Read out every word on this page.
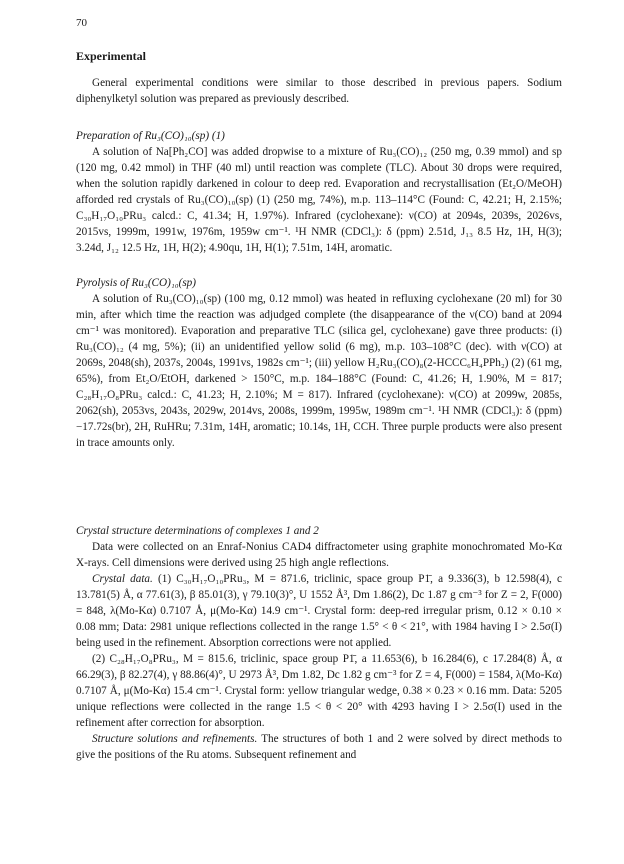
70
Experimental

General experimental conditions were similar to those described in previous papers. Sodium diphenylketyl solution was prepared as previously described.

Preparation of Ru₃(CO)₁₀(sp) (1)

A solution of Na[Ph₂CO] was added dropwise to a mixture of Ru₃(CO)₁₂ (250 mg, 0.39 mmol) and sp (120 mg, 0.42 mmol) in THF (40 ml) until reaction was complete (TLC). About 30 drops were required, when the solution rapidly darkened in colour to deep red. Evaporation and recrystallisation (Et₂O/MeOH) afforded red crystals of Ru₃(CO)₁₀(sp) (1) (250 mg, 74%), m.p. 113–114°C (Found: C, 42.21; H, 2.15%; C₃₀H₁₇O₁₀PRu₃ calcd.: C, 41.34; H, 1.97%). Infrared (cyclohexane): ν(CO) at 2094s, 2039s, 2026vs, 2015vs, 1999m, 1991w, 1976m, 1959w cm⁻¹. ¹H NMR (CDCl₃): δ (ppm) 2.51d, J₁₃ 8.5 Hz, 1H, H(3); 3.24d, J₁₂ 12.5 Hz, 1H, H(2); 4.90qu, 1H, H(1); 7.51m, 14H, aromatic.

Pyrolysis of Ru₃(CO)₁₀(sp)

A solution of Ru₃(CO)₁₀(sp) (100 mg, 0.12 mmol) was heated in refluxing cyclohexane (20 ml) for 30 min, after which time the reaction was adjudged complete (the disappearance of the ν(CO) band at 2094 cm⁻¹ was monitored). Evaporation and preparative TLC (silica gel, cyclohexane) gave three products: (i) Ru₃(CO)₁₂ (4 mg, 5%); (ii) an unidentified yellow solid (6 mg), m.p. 103–108°C (dec). with ν(CO) at 2069s, 2048(sh), 2037s, 2004s, 1991vs, 1982s cm⁻¹; (iii) yellow H₂Ru₃(CO)₈(2-HCCC₆H₄PPh₂) (2) (61 mg, 65%), from Et₂O/EtOH, darkened > 150°C, m.p. 184–188°C (Found: C, 41.26; H, 1.90%, M = 817; C₂₈H₁₇O₈PRu₃ calcd.: C, 41.23; H, 2.10%; M = 817). Infrared (cyclohexane): ν(CO) at 2099w, 2085s, 2062(sh), 2053vs, 2043s, 2029w, 2014vs, 2008s, 1999m, 1995w, 1989m cm⁻¹. ¹H NMR (CDCl₃): δ (ppm) −17.72s(br), 2H, RuHRu; 7.31m, 14H, aromatic; 10.14s, 1H, CCH. Three purple products were also present in trace amounts only.

Crystal structure determinations of complexes 1 and 2

Data were collected on an Enraf-Nonius CAD4 diffractometer using graphite monochromated Mo-Kα X-rays. Cell dimensions were derived using 25 high angle reflections.

Crystal data. (1) C₃₀H₁₇O₁₀PRu₃, M = 871.6, triclinic, space group P1̄, a 9.336(3), b 12.598(4), c 13.781(5) Å, α 77.61(3), β 85.01(3), γ 79.10(3)°, U 1552 Å³, Dm 1.86(2), Dc 1.87 g cm⁻³ for Z = 2, F(000) = 848, λ(Mo-Kα) 0.7107 Å, μ(Mo-Kα) 14.9 cm⁻¹. Crystal form: deep-red irregular prism, 0.12 × 0.10 × 0.08 mm; Data: 2981 unique reflections collected in the range 1.5° < θ < 21°, with 1984 having I > 2.5σ(I) being used in the refinement. Absorption corrections were not applied.

(2) C₂₈H₁₇O₈PRu₃, M = 815.6, triclinic, space group P1̄, a 11.653(6), b 16.284(6), c 17.284(8) Å, α 66.29(3), β 82.27(4), γ 88.86(4)°, U 2973 Å³, Dm 1.82, Dc 1.82 g cm⁻³ for Z = 4, F(000) = 1584, λ(Mo-Kα) 0.7107 Å, μ(Mo-Kα) 15.4 cm⁻¹. Crystal form: yellow triangular wedge, 0.38 × 0.23 × 0.16 mm. Data: 5205 unique reflections were collected in the range 1.5 < θ < 20° with 4293 having I > 2.5σ(I) used in the refinement after correction for absorption.

Structure solutions and refinements. The structures of both 1 and 2 were solved by direct methods to give the positions of the Ru atoms. Subsequent refinement and
